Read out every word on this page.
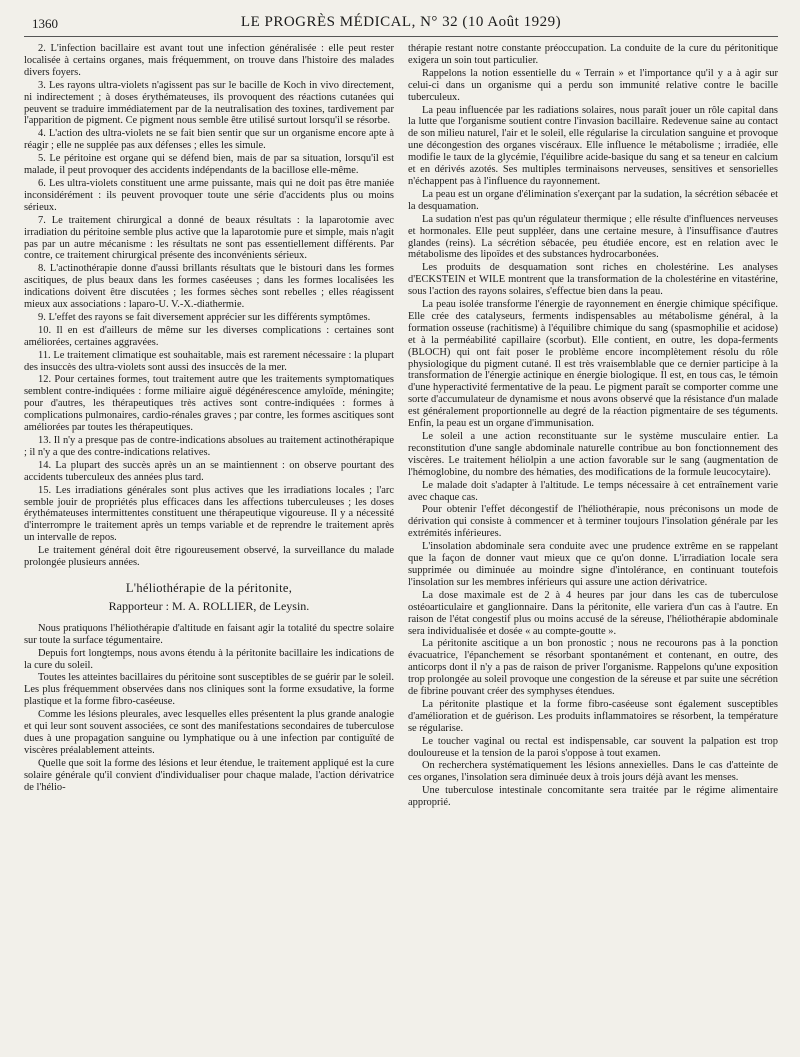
1360	LE PROGRÈS MÉDICAL, N° 32 (10 Août 1929)

2. L'infection bacillaire est avant tout une infection généralisée : elle peut rester localisée à certains organes, mais fréquemment, on trouve dans l'histoire des malades divers foyers.

3. Les rayons ultra-violets n'agissent pas sur le bacille de Koch in vivo directement, ni indirectement ; à doses érythémateuses, ils provoquent des réactions cutanées qui peuvent se traduire immédiatement par de la neutralisation des toxines, tardivement par l'apparition de pigment. Ce pigment nous semble être utilisé surtout lorsqu'il se résorbe.

4. L'action des ultra-violets ne se fait bien sentir que sur un organisme encore apte à réagir ; elle ne supplée pas aux défenses ; elles les simule.

5. Le péritoine est organe qui se défend bien, mais de par sa situation, lorsqu'il est malade, il peut provoquer des accidents indépendants de la bacillose elle-même.

6. Les ultra-violets constituent une arme puissante, mais qui ne doit pas être maniée inconsidérément : ils peuvent provoquer toute une série d'accidents plus ou moins sérieux.

7. Le traitement chirurgical a donné de beaux résultats : la laparotomie avec irradiation du péritoine semble plus active que la laparotomie pure et simple, mais n'agit pas par un autre mécanisme : les résultats ne sont pas essentiellement différents. Par contre, ce traitement chirurgical présente des inconvénients sérieux.

8. L'actinothérapie donne d'aussi brillants résultats que le bistouri dans les formes ascitiques, de plus beaux dans les formes caséeuses ; dans les formes localisées les indications doivent être discutées ; les formes sèches sont rebelles ; elles réagissent mieux aux associations : laparo-U. V.-X.-diathermie.

9. L'effet des rayons se fait diversement apprécier sur les différents symptômes.

10. Il en est d'ailleurs de même sur les diverses complications : certaines sont améliorées, certaines aggravées.

11. Le traitement climatique est souhaitable, mais est rarement nécessaire : la plupart des insuccès des ultra-violets sont aussi des insuccès de la mer.

12. Pour certaines formes, tout traitement autre que les traitements symptomatiques semblent contre-indiquées : forme miliaire aiguë dégénérescence amyloïde, méningite; pour d'autres, les thérapeutiques très actives sont contre-indiquées : formes à complications pulmonaires, cardio-rénales graves ; par contre, les formes ascitiques sont améliorées par toutes les thérapeutiques.

13. Il n'y a presque pas de contre-indications absolues au traitement actinothérapique ; il n'y a que des contre-indications relatives.

14. La plupart des succès après un an se maintiennent : on observe pourtant des accidents tuberculeux des années plus tard.

15. Les irradiations générales sont plus actives que les irradiations locales ; l'arc semble jouir de propriétés plus efficaces dans les affections tuberculeuses ; les doses érythémateuses intermittentes constituent une thérapeutique vigoureuse. Il y a nécessité d'interrompre le traitement après un temps variable et de reprendre le traitement après un intervalle de repos.

Le traitement général doit être rigoureusement observé, la surveillance du malade prolongée plusieurs années.

L'héliothérapie de la péritonite,
Rapporteur : M. A. ROLLIER, de Leysin.

Nous pratiquons l'héliothérapie d'altitude en faisant agir la totalité du spectre solaire sur toute la surface tégumentaire.

Depuis fort longtemps, nous avons étendu à la péritonite bacillaire les indications de la cure du soleil.

Toutes les atteintes bacillaires du péritoine sont susceptibles de se guérir par le soleil. Les plus fréquemment observées dans nos cliniques sont la forme exsudative, la forme plastique et la forme fibro-caséeuse.

Comme les lésions pleurales, avec lesquelles elles présentent la plus grande analogie et qui leur sont souvent associées, ce sont des manifestations secondaires de tuberculose dues à une propagation sanguine ou lymphatique ou à une infection par contiguïté de viscères préalablement atteints.

Quelle que soit la forme des lésions et leur étendue, le traitement appliqué est la cure solaire générale qu'il convient d'individualiser pour chaque malade, l'action dérivatrice de l'hélio-

thérapie restant notre constante préoccupation. La conduite de la cure du péritonitique exigera un soin tout particulier.

Rappelons la notion essentielle du « Terrain » et l'importance qu'il y a à agir sur celui-ci dans un organisme qui a perdu son immunité relative contre le bacille tuberculeux.

La peau influencée par les radiations solaires, nous paraît jouer un rôle capital dans la lutte que l'organisme soutient contre l'invasion bacillaire. Redevenue saine au contact de son milieu naturel, l'air et le soleil, elle régularise la circulation sanguine et provoque une décongestion des organes viscéraux. Elle influence le métabolisme ; irradiée, elle modifie le taux de la glycémie, l'équilibre acide-basique du sang et sa teneur en calcium et en dérivés azotés. Ses multiples terminaisons nerveuses, sensitives et sensorielles n'échappent pas à l'influence du rayonnement.

La peau est un organe d'élimination s'exerçant par la sudation, la sécrétion sébacée et la desquamation.

La sudation n'est pas qu'un régulateur thermique ; elle résulte d'influences nerveuses et hormonales. Elle peut suppléer, dans une certaine mesure, à l'insuffisance d'autres glandes (reins). La sécrétion sébacée, peu étudiée encore, est en relation avec le métabolisme des lipoïdes et des substances hydrocarbonées.

Les produits de desquamation sont riches en cholestérine. Les analyses d'ECKSTEIN et WILE montrent que la transformation de la cholestérine en vitastérine, sous l'action des rayons solaires, s'effectue bien dans la peau.

La peau isolée transforme l'énergie de rayonnement en énergie chimique spécifique. Elle crée des catalyseurs, ferments indispensables au métabolisme général, à la formation osseuse (rachitisme) à l'équilibre chimique du sang (spasmophilie et acidose) et à la perméabilité capillaire (scorbut). Elle contient, en outre, les dopa-ferments (BLOCH) qui ont fait poser le problème encore incomplètement résolu du rôle physiologique du pigment cutané. Il est très vraisemblable que ce dernier participe à la transformation de l'énergie actinique en énergie biologique. Il est, en tous cas, le témoin d'une hyperactivité fermentative de la peau. Le pigment paraît se comporter comme une sorte d'accumulateur de dynamisme et nous avons observé que la résistance d'un malade est généralement proportionnelle au degré de la réaction pigmentaire de ses téguments. Enfin, la peau est un organe d'immunisation.

Le soleil a une action reconstituante sur le système musculaire entier. La reconstitution d'une sangle abdominale naturelle contribue au bon fonctionnement des viscères. Le traitement héliolpin a une action favorable sur le sang (augmentation de l'hémoglobine, du nombre des hématies, des modifications de la formule leucocytaire).

Le malade doit s'adapter à l'altitude. Le temps nécessaire à cet entraînement varie avec chaque cas.

Pour obtenir l'effet décongestif de l'héliothérapie, nous préconisons un mode de dérivation qui consiste à commencer et à terminer toujours l'insolation générale par les extrémités inférieures.

L'insolation abdominale sera conduite avec une prudence extrême en se rappelant que la façon de donner vaut mieux que ce qu'on donne. L'irradiation locale sera supprimée ou diminuée au moindre signe d'intolérance, en continuant toutefois l'insolation sur les membres inférieurs qui assure une action dérivatrice.

La dose maximale est de 2 à 4 heures par jour dans les cas de tuberculose ostéoarticulaire et ganglionnaire. Dans la péritonite, elle variera d'un cas à l'autre. En raison de l'état congestif plus ou moins accusé de la séreuse, l'héliothérapie abdominale sera individualisée et dosée « au compte-goutte ».

La péritonite ascitique a un bon pronostic ; nous ne recourons pas à la ponction évacuatrice, l'épanchement se résorbant spontanément et contenant, en outre, des anticorps dont il n'y a pas de raison de priver l'organisme. Rappelons qu'une exposition trop prolongée au soleil provoque une congestion de la séreuse et par suite une sécrétion de fibrine pouvant créer des symphyses étendues.

La péritonite plastique et la forme fibro-caséeuse sont également susceptibles d'amélioration et de guérison. Les produits inflammatoires se résorbent, la température se régularise.

Le toucher vaginal ou rectal est indispensable, car souvent la palpation est trop douloureuse et la tension de la paroi s'oppose à tout examen.

On recherchera systématiquement les lésions annexielles. Dans le cas d'atteinte de ces organes, l'insolation sera diminuée deux à trois jours déjà avant les menses.

Une tuberculose intestinale concomitante sera traitée par le régime alimentaire approprié.
